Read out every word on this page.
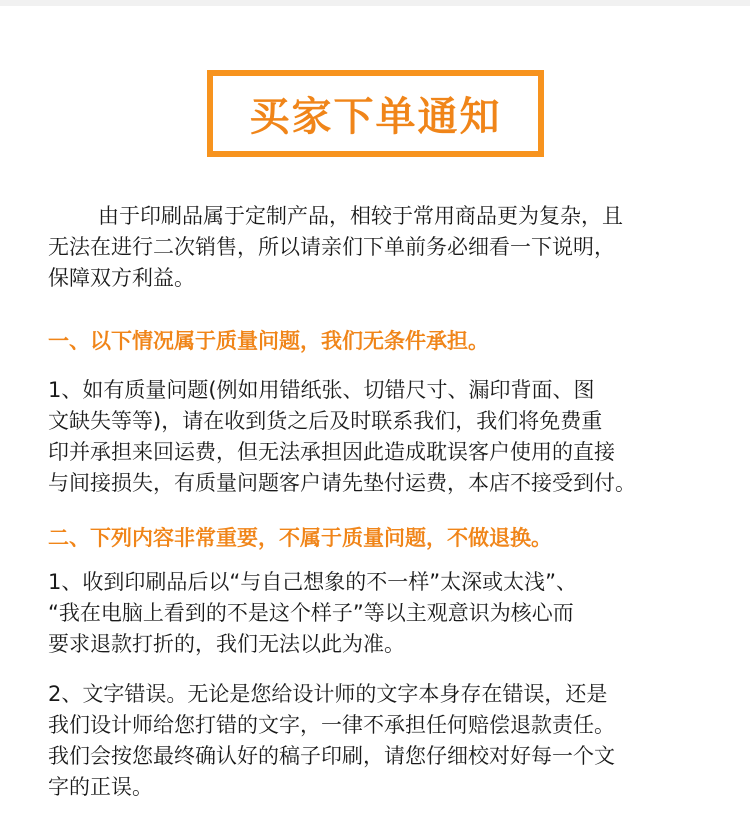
买家下单通知
由于印刷品属于定制产品，相较于常用商品更为复杂，且
无法在进行二次销售，所以请亲们下单前务必细看一下说明，
保障双方利益。
一、以下情况属于质量问题，我们无条件承担。
1、如有质量问题(例如用错纸张、切错尺寸、漏印背面、图
文缺失等等)，请在收到货之后及时联系我们，我们将免费重
印并承担来回运费，但无法承担因此造成耽误客户使用的直接
与间接损失，有质量问题客户请先垫付运费，本店不接受到付。
二、下列内容非常重要，不属于质量问题，不做退换。
1、收到印刷品后以“与自己想象的不一样”太深或太浅”、
“我在电脑上看到的不是这个样子”等以主观意识为核心而
要求退款打折的，我们无法以此为准。
2、文字错误。无论是您给设计师的文字本身存在错误，还是
我们设计师给您打错的文字，一律不承担任何赔偿退款责任。
我们会按您最终确认好的稿子印刷，请您仔细校对好每一个文
字的正误。
